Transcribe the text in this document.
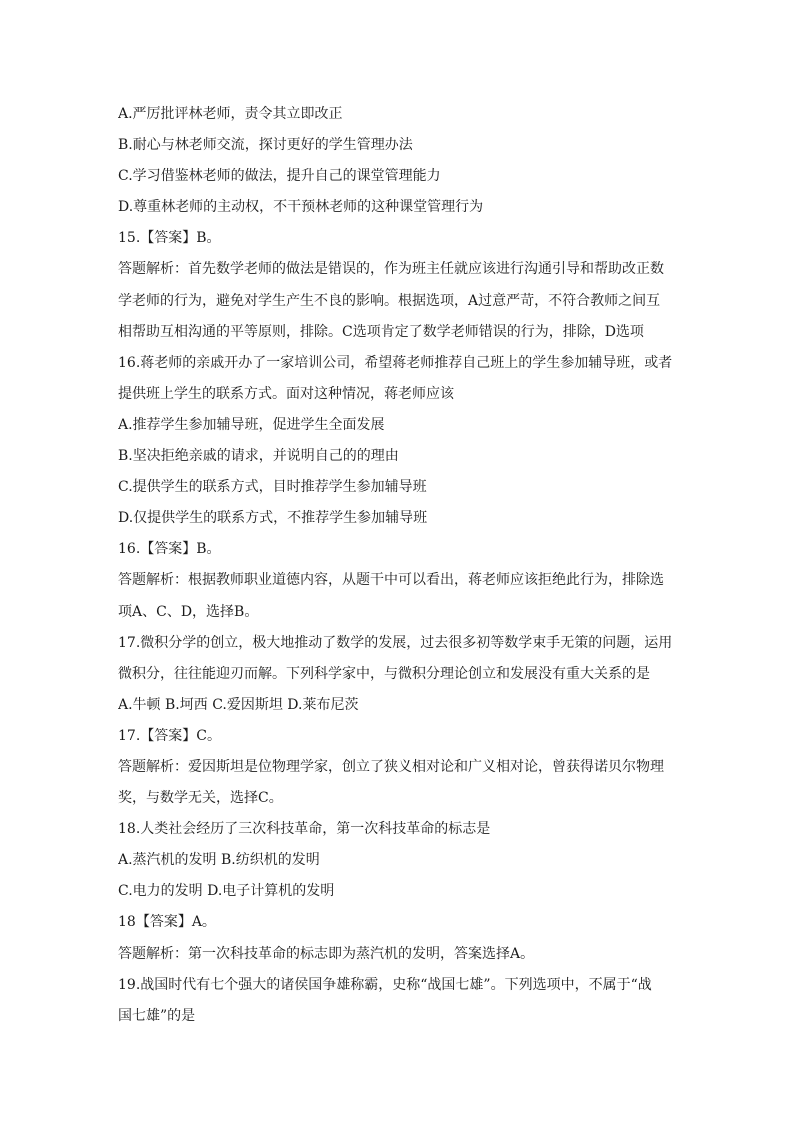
A.严厉批评林老师，责令其立即改正
B.耐心与林老师交流，探讨更好的学生管理办法
C.学习借鉴林老师的做法，提升自己的课堂管理能力
D.尊重林老师的主动权，不干预林老师的这种课堂管理行为
15.【答案】B。
答题解析：首先数学老师的做法是错误的，作为班主任就应该进行沟通引导和帮助改正数
学老师的行为，避免对学生产生不良的影响。根据选项，A过意严苛，不符合教师之间互
相帮助互相沟通的平等原则，排除。C选项肯定了数学老师错误的行为，排除，D选项
16.蒋老师的亲戚开办了一家培训公司，希望蒋老师推荐自己班上的学生参加辅导班，或者
提供班上学生的联系方式。面对这种情况，蒋老师应该
A.推荐学生参加辅导班，促进学生全面发展
B.坚决拒绝亲戚的请求，并说明自己的的理由
C.提供学生的联系方式，目时推荐学生参加辅导班
D.仅提供学生的联系方式，不推荐学生参加辅导班
16.【答案】B。
答题解析：根据教师职业道德内容，从题干中可以看出，蒋老师应该拒绝此行为，排除选
项A、C、D，选择B。
17.微积分学的创立，极大地推动了数学的发展，过去很多初等数学束手无策的问题，运用
微积分，往往能迎刃而解。下列科学家中，与微积分理论创立和发展没有重大关系的是
A.牛顿 B.坷西 C.爱因斯坦 D.莱布尼茨
17.【答案】C。
答题解析：爱因斯坦是位物理学家，创立了狭义相对论和广义相对论，曾获得诺贝尔物理
奖，与数学无关，选择C。
18.人类社会经历了三次科技革命，第一次科技革命的标志是
A.蒸汽机的发明 B.纺织机的发明
C.电力的发明 D.电子计算机的发明
18【答案】A。
答题解析：第一次科技革命的标志即为蒸汽机的发明，答案选择A。
19.战国时代有七个强大的诸侯国争雄称霸，史称“战国七雄”。下列选项中，不属于“战
国七雄”的是
